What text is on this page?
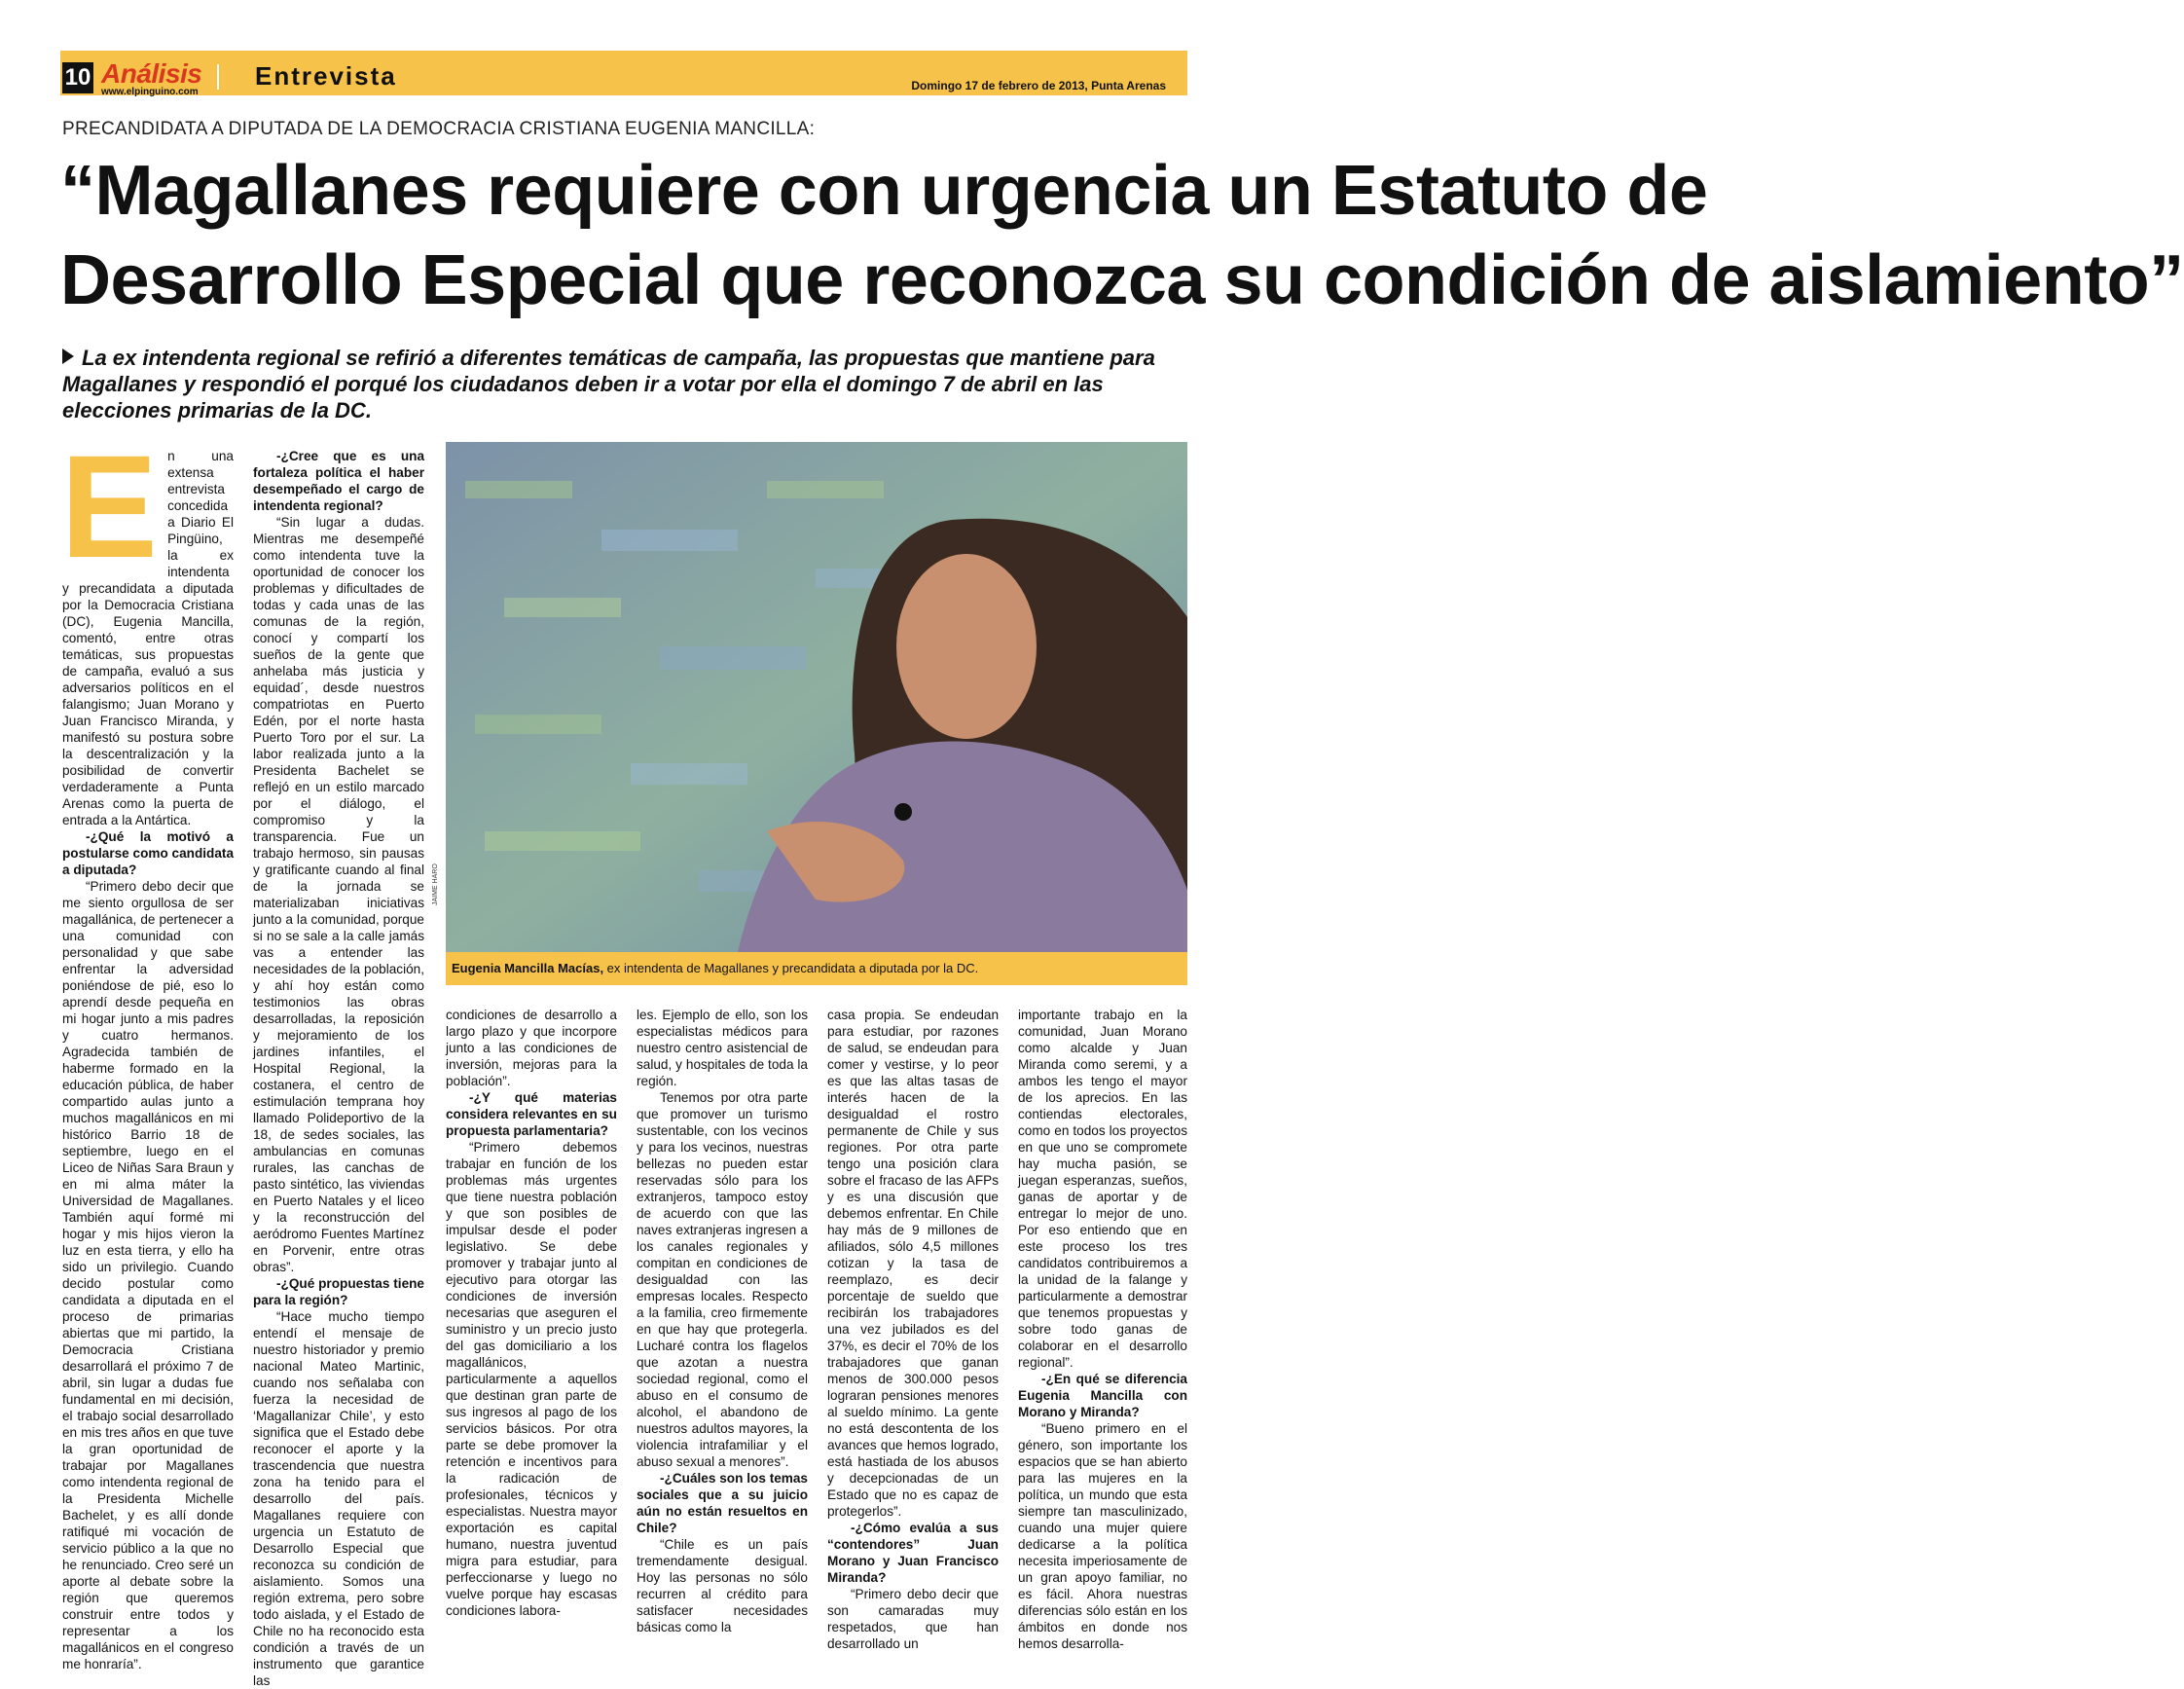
10 Análisis
www.elpinguino.com
Entrevista	Domingo 17 de febrero de 2013, Punta Arenas
PRECANDIDATA A DIPUTADA DE LA DEMOCRACIA CRISTIANA EUGENIA MANCILLA:
“Magallanes requiere con urgencia un Estatuto de
Desarrollo Especial que reconozca su condición de aislamiento”
La ex intendenta regional se refirió a diferentes temáticas de campaña, las propuestas que mantiene para Magallanes y respondió el porqué los ciudadanos deben ir a votar por ella el domingo 7 de abril en las elecciones primarias de la DC.
E n una extensa entrevista concedida a Diario El Pingüino, la ex intendenta y precandidata a diputada por la Democracia Cristiana (DC), Eugenia Mancilla, comentó, entre otras temáticas, sus propuestas de campaña, evaluó a sus adversarios políticos en el falangismo; Juan Morano y Juan Francisco Miranda, y manifestó su postura sobre la descentralización y la posibilidad de convertir verdaderamente a Punta Arenas como la puerta de entrada a la Antártica.

-¿Qué la motivó a postularse como candidata a diputada?

“Primero debo decir que me siento orgullosa de ser magallánica, de pertenecer a una comunidad con personalidad y que sabe enfrentar la adversidad poniéndose de pié, eso lo aprendí desde pequeña en mi hogar junto a mis padres y cuatro hermanos. Agradecida también de haberme formado en la educación pública, de haber compartido aulas junto a muchos magallánicos en mi histórico Barrio 18 de septiembre, luego en el Liceo de Niñas Sara Braun y en mi alma máter la Universidad de Magallanes. También aquí formé mi hogar y mis hijos vieron la luz en esta tierra, y ello ha sido un privilegio. Cuando decido postular como candidata a diputada en el proceso de primarias abiertas que mi partido, la Democracia Cristiana desarrollará el próximo 7 de abril, sin lugar a dudas fue fundamental en mi decisión, el trabajo social desarrollado en mis tres años en que tuve la gran oportunidad de trabajar por Magallanes como intendenta regional de la Presidenta Michelle Bachelet, y es allí donde ratifiqué mi vocación de servicio público a la que no he renunciado. Creo seré un aporte al debate sobre la región que queremos construir entre todos y representar a los magallánicos en el congreso me honraría”.

-¿Cree que es una fortaleza política el haber desempeñado el cargo de intendenta regional?

“Sin lugar a dudas. Mientras me desempeñé como intendenta tuve la oportunidad de conocer los problemas y dificultades de todas y cada unas de las comunas de la región, conocí y compartí los sueños de la gente que anhelaba más justicia y equidad´, desde nuestros compatriotas en Puerto Edén, por el norte hasta Puerto Toro por el sur. La labor realizada junto a la Presidenta Bachelet se reflejó en un estilo marcado por el diálogo, el compromiso y la transparencia. Fue un trabajo hermoso, sin pausas y gratificante cuando al final de la jornada se materializaban iniciativas junto a la comunidad, porque si no se sale a la calle jamás vas a entender las necesidades de la población, y ahí hoy están como testimonios las obras desarrolladas, la reposición y mejoramiento de los jardines infantiles, el Hospital Regional, la costanera, el centro de estimulación temprana hoy llamado Polideportivo de la 18, de sedes sociales, las ambulancias en comunas rurales, las canchas de pasto sintético, las viviendas en Puerto Natales y el liceo y la reconstrucción del aeródromo Fuentes Martínez en Porvenir, entre otras obras”.

-¿Qué propuestas tiene para la región?

“Hace mucho tiempo entendí el mensaje de nuestro historiador y premio nacional Mateo Martinic, cuando nos señalaba con fuerza la necesidad de ‘Magallanizar Chile’, y esto significa que el Estado debe reconocer el aporte y la trascendencia que nuestra zona ha tenido para el desarrollo del país. Magallanes requiere con urgencia un Estatuto de Desarrollo Especial que reconozca su condición de aislamiento. Somos una región extrema, pero sobre todo aislada, y el Estado de Chile no ha reconocido esta condición a través de un instrumento que garantice las

JAIME HARO
Eugenia Mancilla Macías, ex intendenta de Magallanes y precandidata a diputada por la DC.

condiciones de desarrollo a largo plazo y que incorpore junto a las condiciones de inversión, mejoras para la población”.

-¿Y qué materias considera relevantes en su propuesta parlamentaria?

“Primero debemos trabajar en función de los problemas más urgentes que tiene nuestra población y que son posibles de impulsar desde el poder legislativo. Se debe promover y trabajar junto al ejecutivo para otorgar las condiciones de inversión necesarias que aseguren el suministro y un precio justo del gas domiciliario a los magallánicos, particularmente a aquellos que destinan gran parte de sus ingresos al pago de los servicios básicos. Por otra parte se debe promover la retención e incentivos para la radicación de profesionales, técnicos y especialistas. Nuestra mayor exportación es capital humano, nuestra juventud migra para estudiar, para perfeccionarse y luego no vuelve porque hay escasas condiciones labora-

les. Ejemplo de ello, son los especialistas médicos para nuestro centro asistencial de salud, y hospitales de toda la región.

Tenemos por otra parte que promover un turismo sustentable, con los vecinos y para los vecinos, nuestras bellezas no pueden estar reservadas sólo para los extranjeros, tampoco estoy de acuerdo con que las naves extranjeras ingresen a los canales regionales y compitan en condiciones de desigualdad con las empresas locales. Respecto a la familia, creo firmemente en que hay que protegerla. Lucharé contra los flagelos que azotan a nuestra sociedad regional, como el abuso en el consumo de alcohol, el abandono de nuestros adultos mayores, la violencia intrafamiliar y el abuso sexual a menores”.

-¿Cuáles son los temas sociales que a su juicio aún no están resueltos en Chile?

“Chile es un país tremendamente desigual. Hoy las personas no sólo recurren al crédito para satisfacer necesidades básicas como la

casa propia. Se endeudan para estudiar, por razones de salud, se endeudan para comer y vestirse, y lo peor es que las altas tasas de interés hacen de la desigualdad el rostro permanente de Chile y sus regiones. Por otra parte tengo una posición clara sobre el fracaso de las AFPs y es una discusión que debemos enfrentar. En Chile hay más de 9 millones de afiliados, sólo 4,5 millones cotizan y la tasa de reemplazo, es decir porcentaje de sueldo que recibirán los trabajadores una vez jubilados es del 37%, es decir el 70% de los trabajadores que ganan menos de 300.000 pesos lograran pensiones menores al sueldo mínimo. La gente no está descontenta de los avances que hemos logrado, está hastiada de los abusos y decepcionadas de un Estado que no es capaz de protegerlos”.

-¿Cómo evalúa a sus “contendores” Juan Morano y Juan Francisco Miranda?

“Primero debo decir que son camaradas muy respetados, que han desarrollado un

importante trabajo en la comunidad, Juan Morano como alcalde y Juan Miranda como seremi, y a ambos les tengo el mayor de los aprecios. En las contiendas electorales, como en todos los proyectos en que uno se compromete hay mucha pasión, se juegan esperanzas, sueños, ganas de aportar y de entregar lo mejor de uno. Por eso entiendo que en este proceso los tres candidatos contribuiremos a la unidad de la falange y particularmente a demostrar que tenemos propuestas y sobre todo ganas de colaborar en el desarrollo regional”.

-¿En qué se diferencia Eugenia Mancilla con Morano y Miranda?

“Bueno primero en el género, son importante los espacios que se han abierto para las mujeres en la política, un mundo que esta siempre tan masculinizado, cuando una mujer quiere dedicarse a la política necesita imperiosamente de un gran apoyo familiar, no es fácil. Ahora nuestras diferencias sólo están en los ámbitos en donde nos hemos desarrolla-
